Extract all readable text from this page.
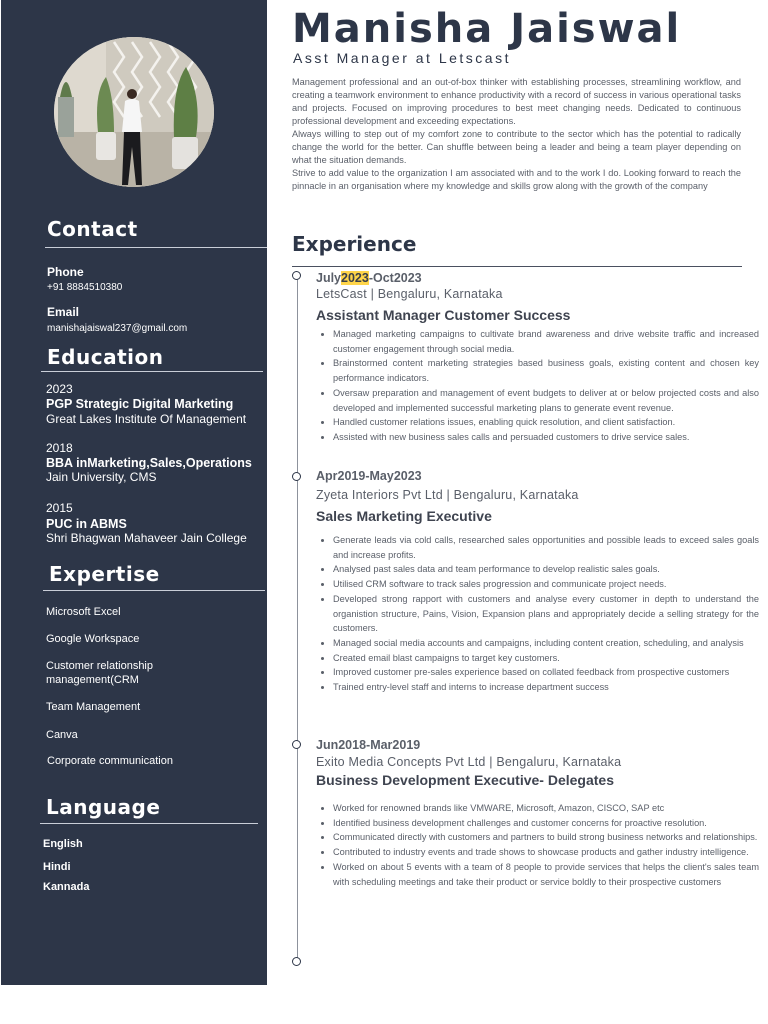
Contact
Phone
+91 8884510380
Email
manishajaiswal237@gmail.com
Education
2023
PGP Strategic Digital Marketing
Great Lakes Institute Of Management
2018
BBA inMarketing,Sales,Operations
Jain University, CMS
2015
PUC in ABMS
Shri Bhagwan Mahaveer Jain College
Expertise
Microsoft Excel
Google Workspace
Customer relationship management(CRM
Team Management
Canva
Corporate communication
Language
English
Hindi
Kannada
Manisha Jaiswal
Asst Manager at Letscast

Management professional and an out-of-box thinker with establishing processes, streamlining workflow, and creating a teamwork environment to enhance productivity with a record of success in various operational tasks and projects. Focused on improving procedures to best meet changing needs. Dedicated to continuous professional development and exceeding expectations.

Always willing to step out of my comfort zone to contribute to the sector which has the potential to radically change the world for the better. Can shuffle between being a leader and being a team player depending on what the situation demands.

Strive to add value to the organization I am associated with and to the work I do. Looking forward to reach the pinnacle in an organisation where my knowledge and skills grow along with the growth of the company

Experience
July2023-Oct2023
LetsCast | Bengaluru, Karnataka
Assistant Manager Customer Success
• Managed marketing campaigns to cultivate brand awareness and drive website traffic and increased customer engagement through social media.
• Brainstormed content marketing strategies based business goals, existing content and chosen key performance indicators.
• Oversaw preparation and management of event budgets to deliver at or below projected costs and also developed and implemented successful marketing plans to generate event revenue.
• Handled customer relations issues, enabling quick resolution, and client satisfaction.
• Assisted with new business sales calls and persuaded customers to drive service sales.
Apr2019-May2023
Zyeta Interiors Pvt Ltd | Bengaluru, Karnataka
Sales Marketing Executive
• Generate leads via cold calls, researched sales opportunities and possible leads to exceed sales goals and increase profits.
• Analysed past sales data and team performance to develop realistic sales goals.
• Utilised CRM software to track sales progression and communicate project needs.
• Developed strong rapport with customers and analyse every customer in depth to understand the organistion structure, Pains, Vision, Expansion plans and appropriately decide a selling strategy for the customers.
• Managed social media accounts and campaigns, including content creation, scheduling, and analysis
• Created email blast campaigns to target key customers.
• Improved customer pre-sales experience based on collated feedback from prospective customers
• Trained entry-level staff and interns to increase department success
Jun2018-Mar2019
Exito Media Concepts Pvt Ltd | Bengaluru, Karnataka
Business Development Executive- Delegates
• Worked for renowned brands like VMWARE, Microsoft, Amazon, CISCO, SAP etc
• Identified business development challenges and customer concerns for proactive resolution.
• Communicated directly with customers and partners to build strong business networks and relationships.
• Contributed to industry events and trade shows to showcase products and gather industry intelligence.
• Worked on about 5 events with a team of 8 people to provide services that helps the client's sales team with scheduling meetings and take their product or service boldly to their prospective customers
